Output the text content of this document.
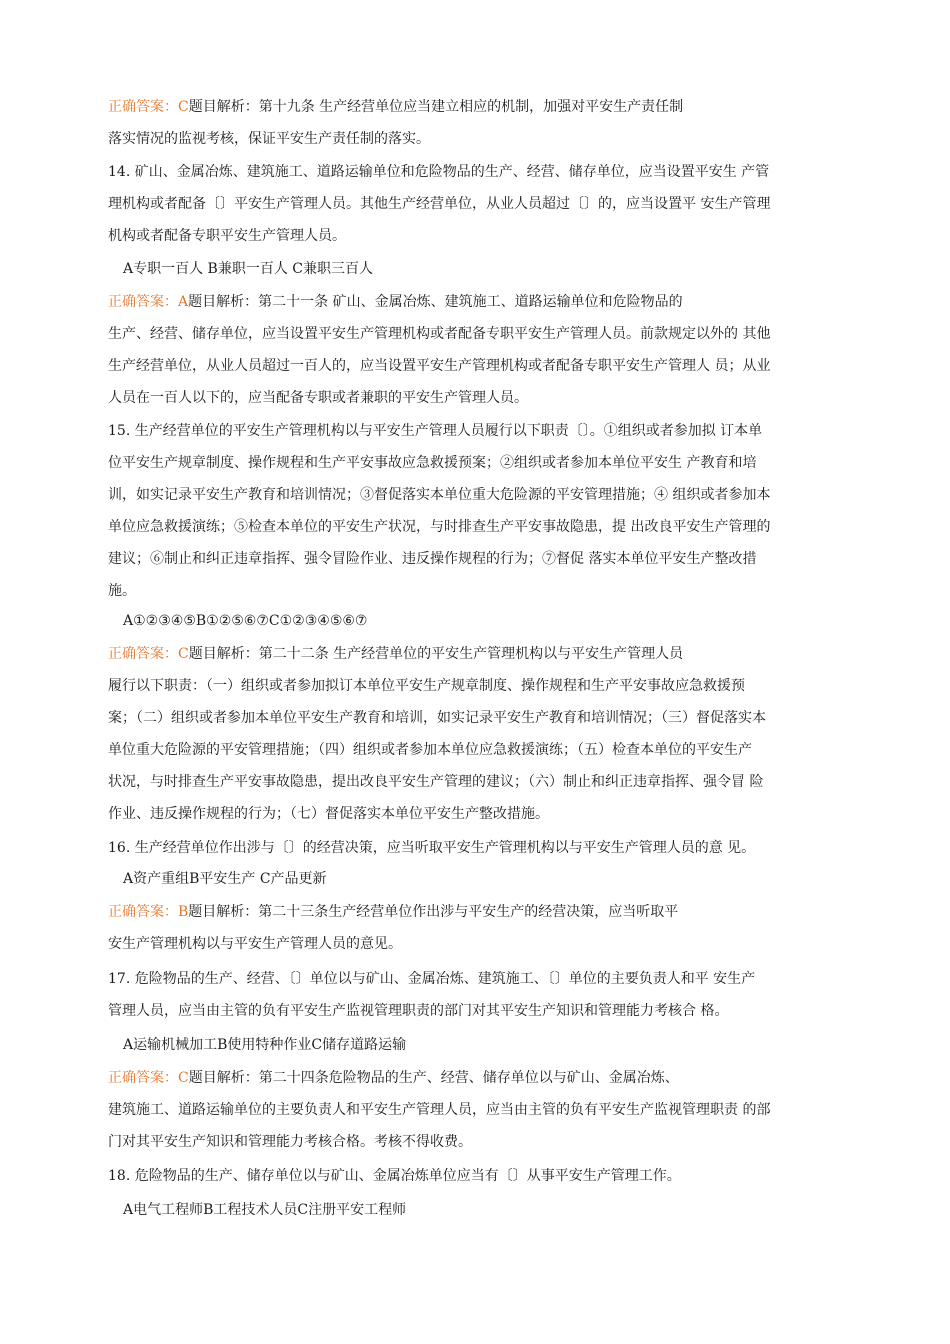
正确答案：C题目解析：第十九条 生产经营单位应当建立相应的机制，加强对平安生产责任制
落实情况的监视考核，保证平安生产责任制的落实。
14. 矿山、金属冶炼、建筑施工、道路运输单位和危险物品的生产、经营、储存单位，应当设置平安生 产管
理机构或者配备〔〕平安生产管理人员。其他生产经营单位，从业人员超过〔〕的，应当设置平 安生产管理
机构或者配备专职平安生产管理人员。
A专职一百人 B兼职一百人 C兼职三百人
正确答案：A题目解析：第二十一条 矿山、金属冶炼、建筑施工、道路运输单位和危险物品的
生产、经营、储存单位，应当设置平安生产管理机构或者配备专职平安生产管理人员。前款规定以外的 其他
生产经营单位，从业人员超过一百人的，应当设置平安生产管理机构或者配备专职平安生产管理人 员；从业
人员在一百人以下的，应当配备专职或者兼职的平安生产管理人员。
15. 生产经营单位的平安生产管理机构以与平安生产管理人员履行以下职责〔〕。①组织或者参加拟 订本单
位平安生产规章制度、操作规程和生产平安事故应急救援预案；②组织或者参加本单位平安生 产教育和培
训，如实记录平安生产教育和培训情况；③督促落实本单位重大危险源的平安管理措施；④ 组织或者参加本
单位应急救援演练；⑤检查本单位的平安生产状况，与时排查生产平安事故隐患，提 出改良平安生产管理的
建议；⑥制止和纠正违章指挥、强令冒险作业、违反操作规程的行为；⑦督促 落实本单位平安生产整改措
施。
A①②③④⑤B①②⑤⑥⑦C①②③④⑤⑥⑦
正确答案：C题目解析：第二十二条 生产经营单位的平安生产管理机构以与平安生产管理人员
履行以下职责：（一）组织或者参加拟订本单位平安生产规章制度、操作规程和生产平安事故应急救援预
案；（二）组织或者参加本单位平安生产教育和培训，如实记录平安生产教育和培训情况；（三）督促落实本
单位重大危险源的平安管理措施；（四）组织或者参加本单位应急救援演练；（五）检查本单位的平安生产
状况，与时排查生产平安事故隐患，提出改良平安生产管理的建议；（六）制止和纠正违章指挥、强令冒 险
作业、违反操作规程的行为；（七）督促落实本单位平安生产整改措施。
16. 生产经营单位作出涉与〔〕的经营决策，应当听取平安生产管理机构以与平安生产管理人员的意 见。
A资产重组B平安生产 C产品更新
正确答案：B题目解析：第二十三条生产经营单位作出涉与平安生产的经营决策，应当听取平
安生产管理机构以与平安生产管理人员的意见。
17. 危险物品的生产、经营、〔〕单位以与矿山、金属冶炼、建筑施工、〔〕单位的主要负责人和平 安生产
管理人员，应当由主管的负有平安生产监视管理职责的部门对其平安生产知识和管理能力考核合 格。
A运输机械加工B使用特种作业C储存道路运输
正确答案：C题目解析：第二十四条危险物品的生产、经营、储存单位以与矿山、金属冶炼、
建筑施工、道路运输单位的主要负责人和平安生产管理人员，应当由主管的负有平安生产监视管理职责 的部
门对其平安生产知识和管理能力考核合格。考核不得收费。
18. 危险物品的生产、储存单位以与矿山、金属冶炼单位应当有〔〕从事平安生产管理工作。
A电气工程师B工程技术人员C注册平安工程师
